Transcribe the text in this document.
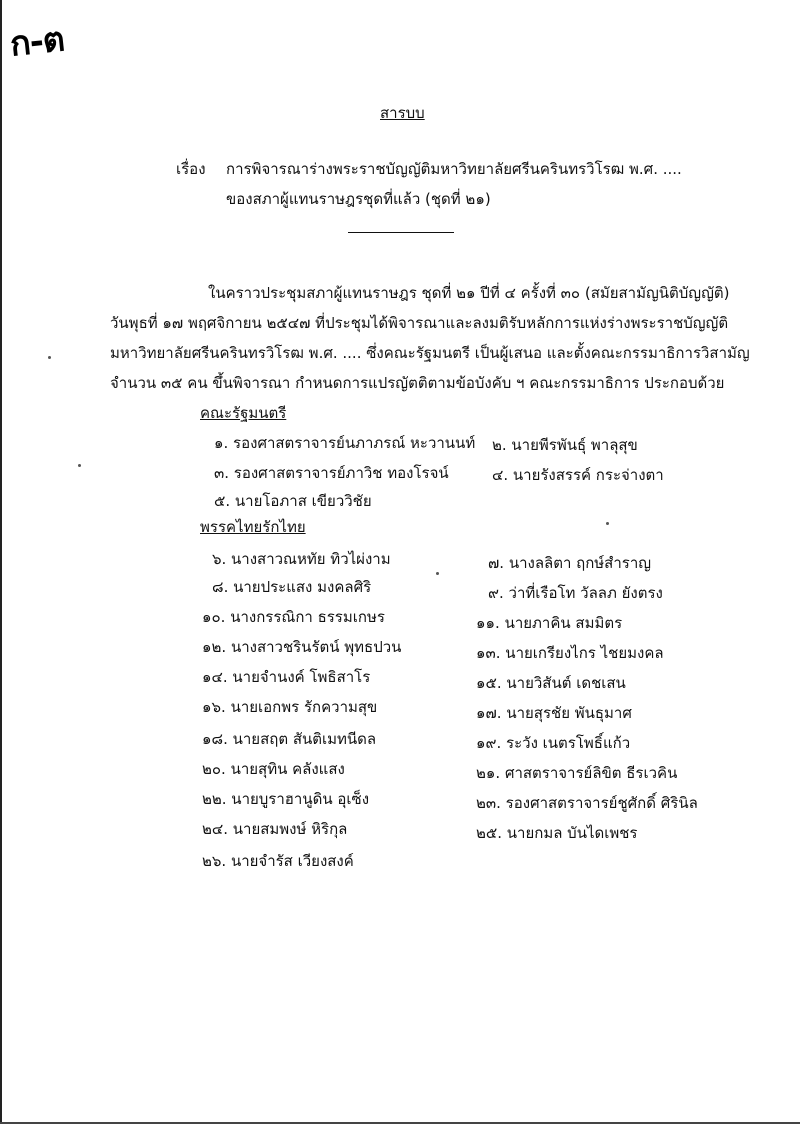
ก-ต
สารบบ
เรื่อง การพิจารณาร่างพระราชบัญญัติมหาวิทยาลัยศรีนครินทรวิโรฒ พ.ศ. ....
ของสภาผู้แทนราษฎรชุดที่แล้ว (ชุดที่ ๒๑)
ในคราวประชุมสภาผู้แทนราษฎร ชุดที่ ๒๑ ปีที่ ๔ ครั้งที่ ๓๐ (สมัยสามัญนิติบัญญัติ)
วันพุธที่ ๑๗ พฤศจิกายน ๒๕๔๗ ที่ประชุมได้พิจารณาและลงมติรับหลักการแห่งร่างพระราชบัญญัติ
มหาวิทยาลัยศรีนครินทรวิโรฒ พ.ศ. .... ซึ่งคณะรัฐมนตรี เป็นผู้เสนอ และตั้งคณะกรรมาธิการวิสามัญ
จำนวน ๓๕ คน ขึ้นพิจารณา กำหนดการแปรญัตติตามข้อบังคับ ฯ คณะกรรมาธิการ ประกอบด้วย
คณะรัฐมนตรี
๑. รองศาสตราจารย์นภาภรณ์ หะวานนท์ ๒. นายพีรพันธุ์ พาลุสุข
๓. รองศาสตราจารย์ภาวิช ทองโรจน์	๔. นายรังสรรค์ กระจ่างตา
๕. นายโอภาส เขียววิชัย
พรรคไทยรักไทย
๖. นางสาวณหทัย ทิวไผ่งาม	๗. นางลลิตา ฤกษ์สำราญ
๘. นายประแสง มงคลศิริ	๙. ว่าที่เรือโท วัลลภ ยังตรง
๑๐. นางกรรณิกา ธรรมเกษร	๑๑. นายภาคิน สมมิตร
๑๒. นางสาวชรินรัตน์ พุทธปวน	๑๓. นายเกรียงไกร ไชยมงคล
๑๔. นายจำนงค์ โพธิสาโร	๑๕. นายวิสันต์ เดชเสน
๑๖. นายเอกพร รักความสุข	๑๗. นายสุรชัย พันธุมาศ
๑๘. นายสฤต สันติเมทนีดล	๑๙. ระวัง เนตรโพธิ์แก้ว
๒๐. นายสุทิน คลังแสง	๒๑. ศาสตราจารย์ลิขิต ธีรเวคิน
๒๒. นายบูราฮานูดิน อุเซ็ง	๒๓. รองศาสตราจารย์ชูศักดิ์ ศิรินิล
๒๔. นายสมพงษ์ หิริกุล	๒๕. นายกมล บันไดเพชร
๒๖. นายจำรัส เวียงสงค์
